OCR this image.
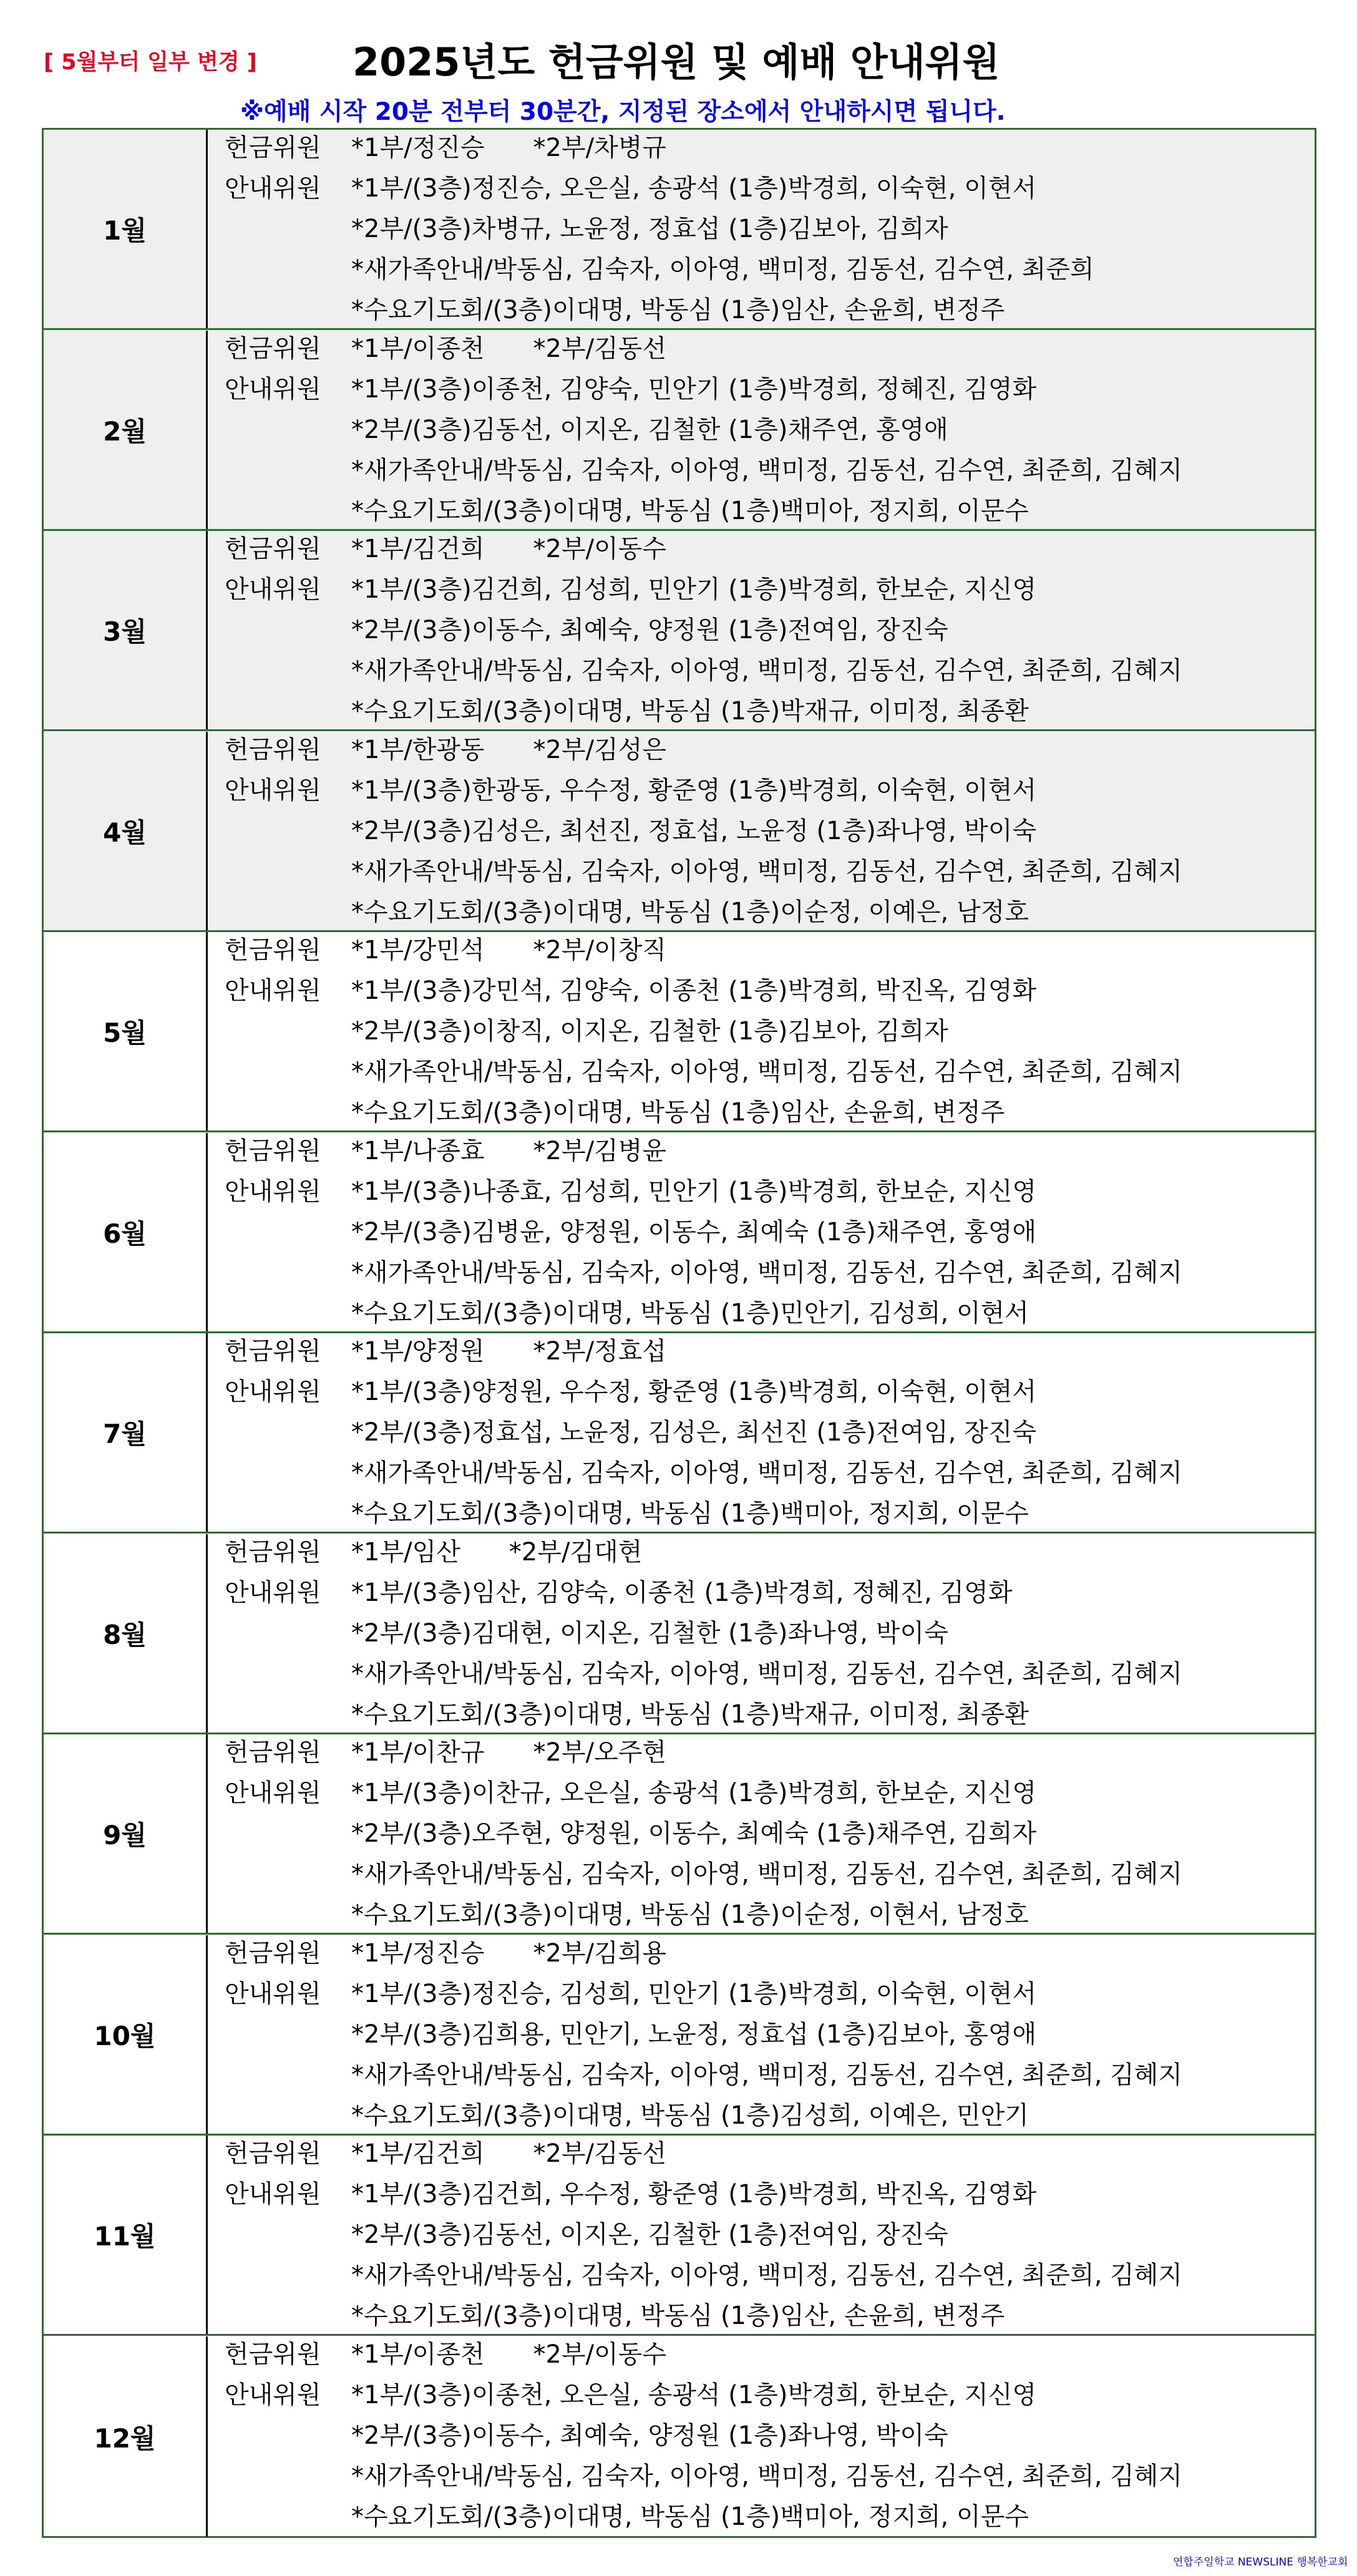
[ 5월부터 일부 변경 ] 2025년도 헌금위원 및 예배 안내위원
※예배 시작 20분 전부터 30분간, 지정된 장소에서 안내하시면 됩니다.
1월
헌금위원
안내위원
*1부/정진승 *2부/차병규
*1부/(3층)정진승, 오은실, 송광석 (1층)박경희, 이숙현, 이현서
*2부/(3층)차병규, 노윤정, 정효섭 (1층)김보아, 김희자
*새가족안내/박동심, 김숙자, 이아영, 백미정, 김동선, 김수연, 최준희
*수요기도회/(3층)이대명, 박동심 (1층)임산, 손윤희, 변정주
2월
헌금위원
안내위원
*1부/이종천 *2부/김동선
*1부/(3층)이종천, 김양숙, 민안기 (1층)박경희, 정혜진, 김영화
*2부/(3층)김동선, 이지온, 김철한 (1층)채주연, 홍영애
*새가족안내/박동심, 김숙자, 이아영, 백미정, 김동선, 김수연, 최준희, 김혜지
*수요기도회/(3층)이대명, 박동심 (1층)백미아, 정지희, 이문수
3월
헌금위원
안내위원
*1부/김건희 *2부/이동수
*1부/(3층)김건희, 김성희, 민안기 (1층)박경희, 한보순, 지신영
*2부/(3층)이동수, 최예숙, 양정원 (1층)전여임, 장진숙
*새가족안내/박동심, 김숙자, 이아영, 백미정, 김동선, 김수연, 최준희, 김혜지
*수요기도회/(3층)이대명, 박동심 (1층)박재규, 이미정, 최종환
4월
헌금위원
안내위원
*1부/한광동 *2부/김성은
*1부/(3층)한광동, 우수정, 황준영 (1층)박경희, 이숙현, 이현서
*2부/(3층)김성은, 최선진, 정효섭, 노윤정 (1층)좌나영, 박이숙
*새가족안내/박동심, 김숙자, 이아영, 백미정, 김동선, 김수연, 최준희, 김혜지
*수요기도회/(3층)이대명, 박동심 (1층)이순정, 이예은, 남정호
5월
헌금위원
안내위원
*1부/강민석 *2부/이창직
*1부/(3층)강민석, 김양숙, 이종천 (1층)박경희, 박진옥, 김영화
*2부/(3층)이창직, 이지온, 김철한 (1층)김보아, 김희자
*새가족안내/박동심, 김숙자, 이아영, 백미정, 김동선, 김수연, 최준희, 김혜지
*수요기도회/(3층)이대명, 박동심 (1층)임산, 손윤희, 변정주
6월
헌금위원
안내위원
*1부/나종효 *2부/김병윤
*1부/(3층)나종효, 김성희, 민안기 (1층)박경희, 한보순, 지신영
*2부/(3층)김병윤, 양정원, 이동수, 최예숙 (1층)채주연, 홍영애
*새가족안내/박동심, 김숙자, 이아영, 백미정, 김동선, 김수연, 최준희, 김혜지
*수요기도회/(3층)이대명, 박동심 (1층)민안기, 김성희, 이현서
7월
헌금위원
안내위원
*1부/양정원 *2부/정효섭
*1부/(3층)양정원, 우수정, 황준영 (1층)박경희, 이숙현, 이현서
*2부/(3층)정효섭, 노윤정, 김성은, 최선진 (1층)전여임, 장진숙
*새가족안내/박동심, 김숙자, 이아영, 백미정, 김동선, 김수연, 최준희, 김혜지
*수요기도회/(3층)이대명, 박동심 (1층)백미아, 정지희, 이문수
8월
헌금위원
안내위원
*1부/임산 *2부/김대현
*1부/(3층)임산, 김양숙, 이종천 (1층)박경희, 정혜진, 김영화
*2부/(3층)김대현, 이지온, 김철한 (1층)좌나영, 박이숙
*새가족안내/박동심, 김숙자, 이아영, 백미정, 김동선, 김수연, 최준희, 김혜지
*수요기도회/(3층)이대명, 박동심 (1층)박재규, 이미정, 최종환
9월
헌금위원
안내위원
*1부/이찬규 *2부/오주현
*1부/(3층)이찬규, 오은실, 송광석 (1층)박경희, 한보순, 지신영
*2부/(3층)오주현, 양정원, 이동수, 최예숙 (1층)채주연, 김희자
*새가족안내/박동심, 김숙자, 이아영, 백미정, 김동선, 김수연, 최준희, 김혜지
*수요기도회/(3층)이대명, 박동심 (1층)이순정, 이현서, 남정호
10월
헌금위원
안내위원
*1부/정진승 *2부/김희용
*1부/(3층)정진승, 김성희, 민안기 (1층)박경희, 이숙현, 이현서
*2부/(3층)김희용, 민안기, 노윤정, 정효섭 (1층)김보아, 홍영애
*새가족안내/박동심, 김숙자, 이아영, 백미정, 김동선, 김수연, 최준희, 김혜지
*수요기도회/(3층)이대명, 박동심 (1층)김성희, 이예은, 민안기
11월
헌금위원
안내위원
*1부/김건희 *2부/김동선
*1부/(3층)김건희, 우수정, 황준영 (1층)박경희, 박진옥, 김영화
*2부/(3층)김동선, 이지온, 김철한 (1층)전여임, 장진숙
*새가족안내/박동심, 김숙자, 이아영, 백미정, 김동선, 김수연, 최준희, 김혜지
*수요기도회/(3층)이대명, 박동심 (1층)임산, 손윤희, 변정주
12월
헌금위원
안내위원
*1부/이종천 *2부/이동수
*1부/(3층)이종천, 오은실, 송광석 (1층)박경희, 한보순, 지신영
*2부/(3층)이동수, 최예숙, 양정원 (1층)좌나영, 박이숙
*새가족안내/박동심, 김숙자, 이아영, 백미정, 김동선, 김수연, 최준희, 김혜지
*수요기도회/(3층)이대명, 박동심 (1층)백미아, 정지희, 이문수
연합주일학교 NEWSLINE 행복한교회
